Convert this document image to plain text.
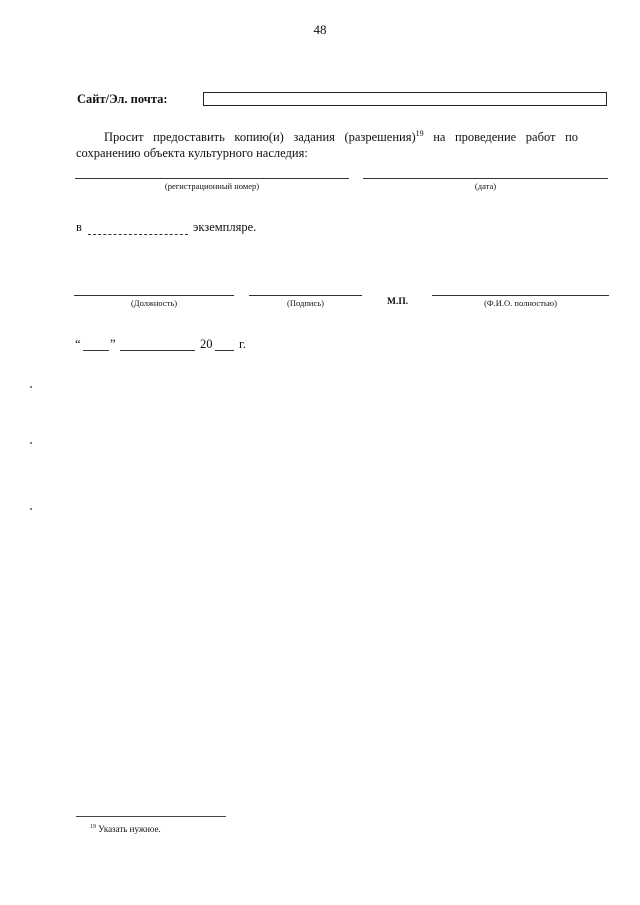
48
Сайт/Эл. почта:
Просит предоставить копию(и) задания (разрешения)$^{19}$ на проведение работ по
сохранению объекта культурного наследия:
(регистрационный номер)	(дата)
в	экземпляре.
(Должность)	(Подпись)	М.П.	(Ф.И.О. полностью)
“ ”	20 г.
$^{19}$ Указать нужное.
